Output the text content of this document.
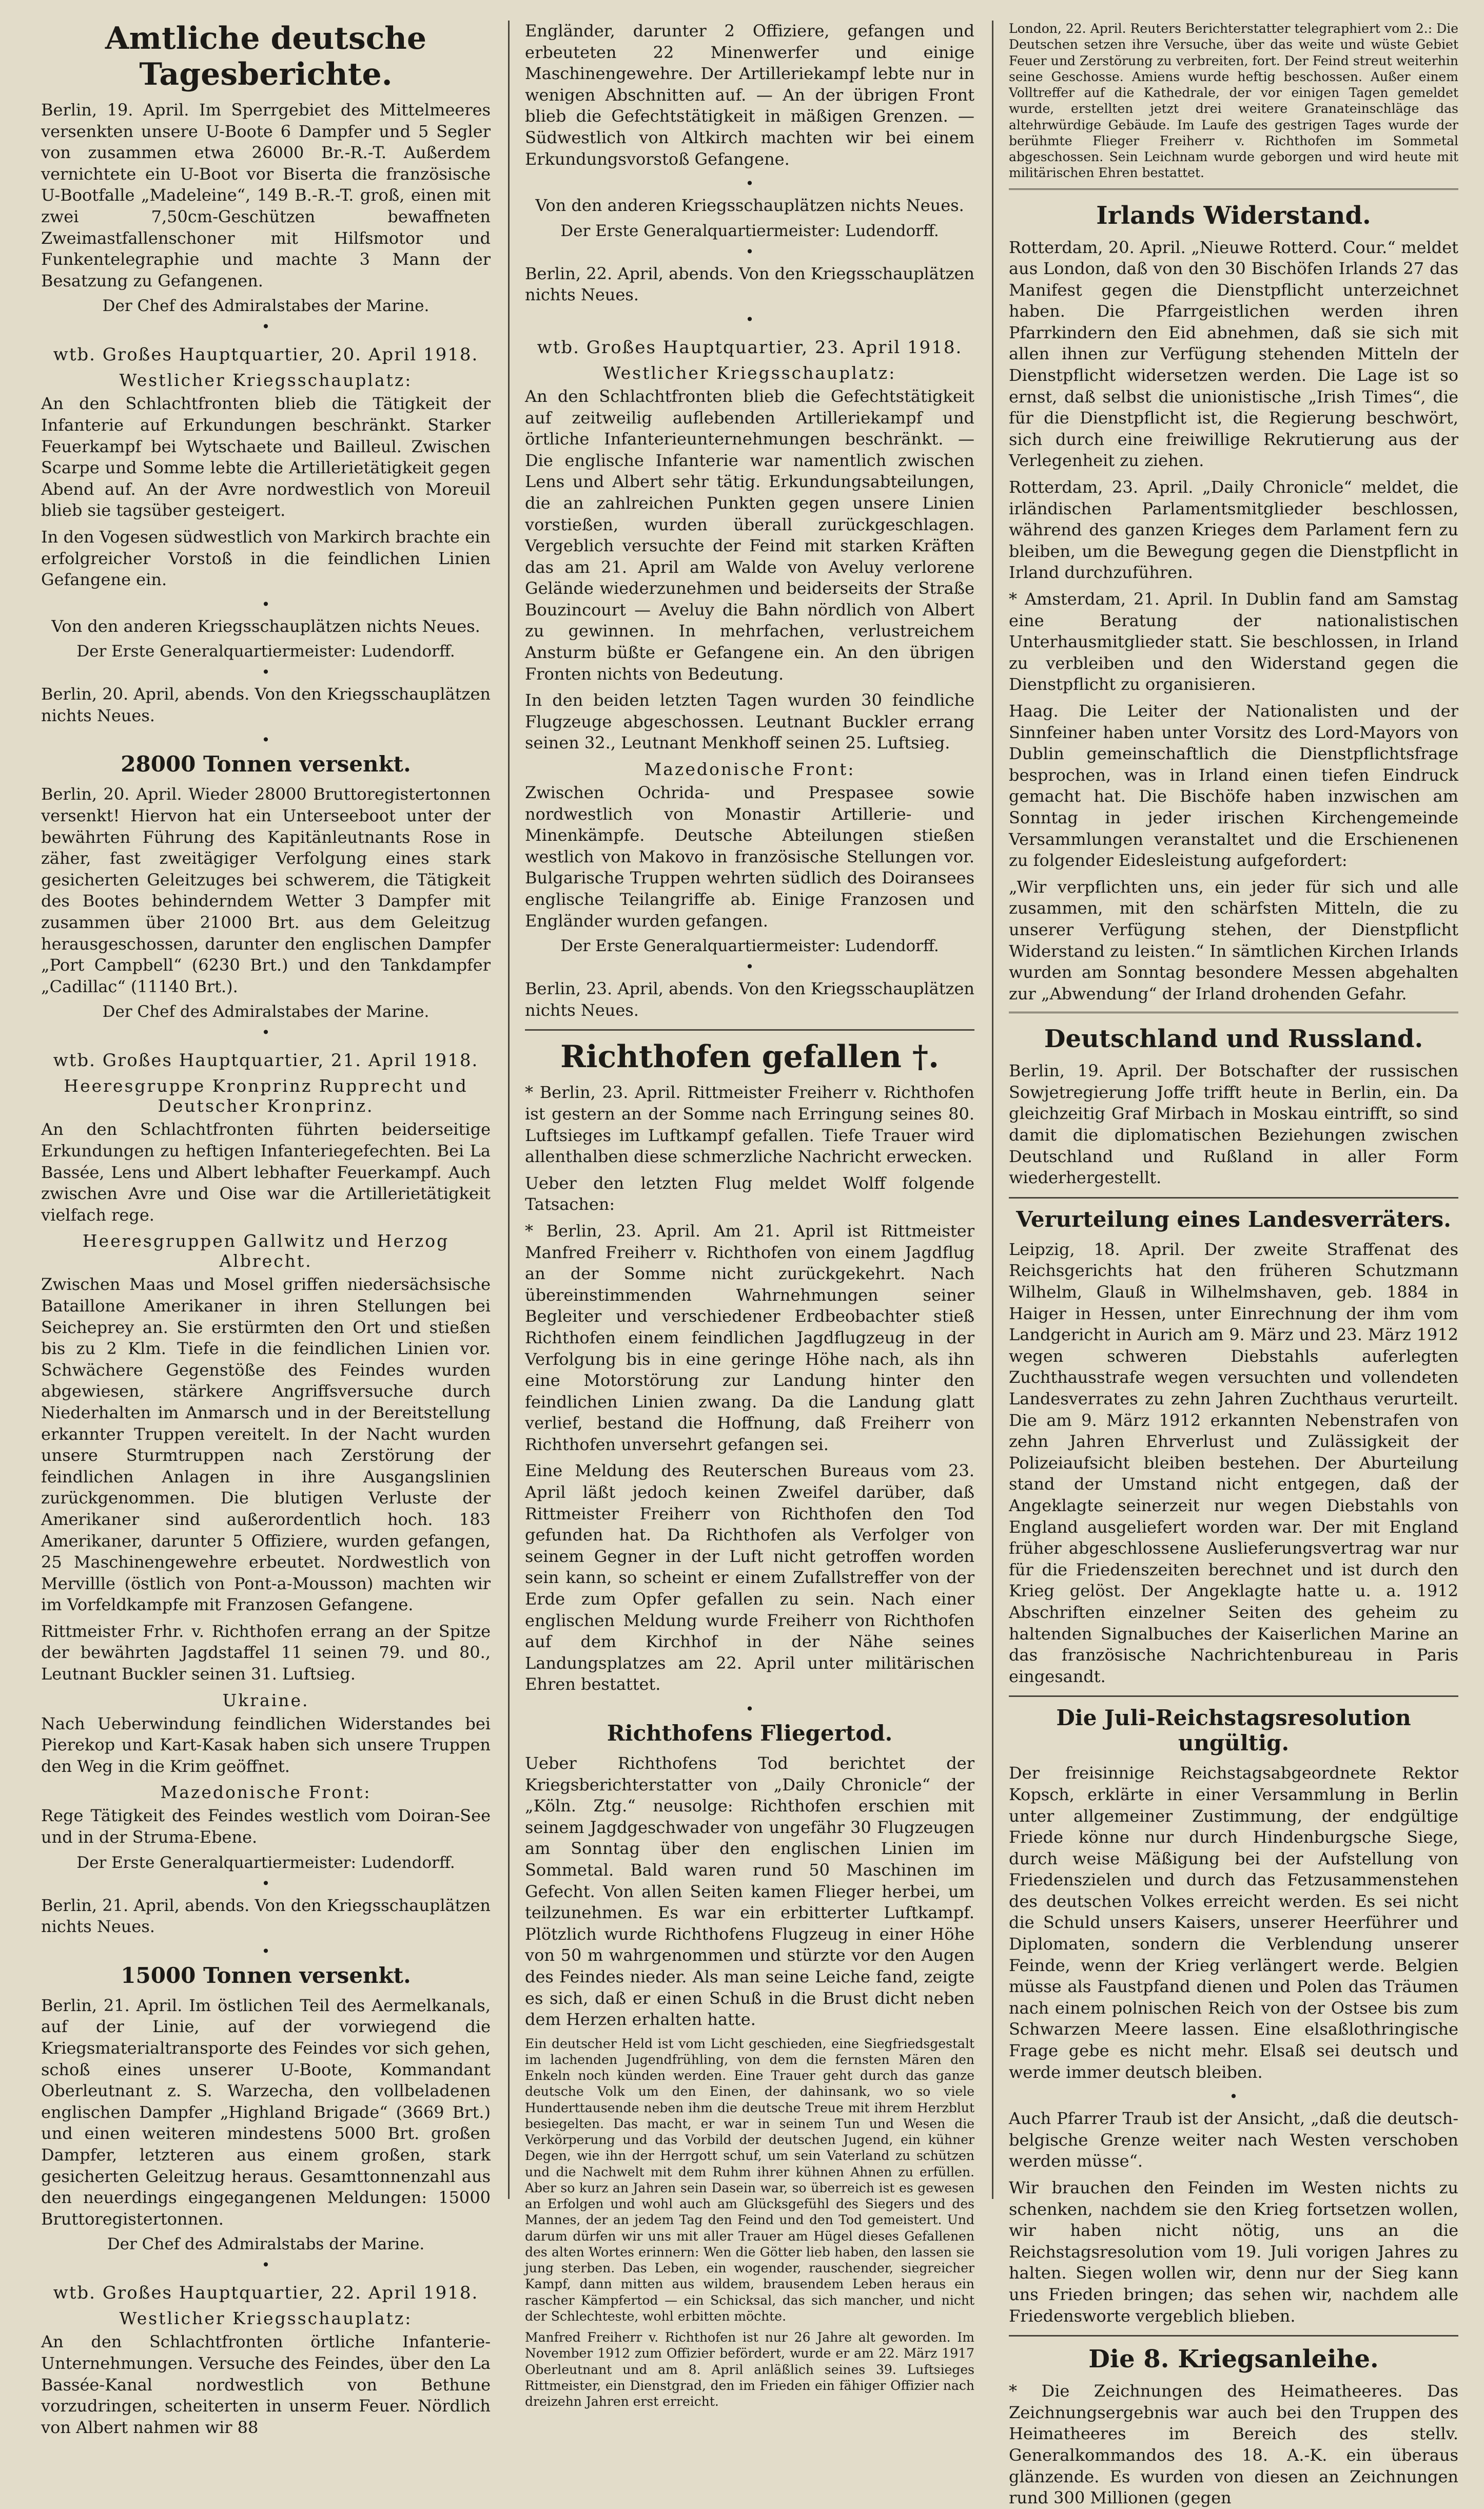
Amtliche deutsche Tagesberichte.

Berlin, 19. April. Im Sperrgebiet des Mittelmeeres versenkten unsere U-Boote 6 Dampfer und 5 Segler von zusammen etwa 26000 Br.-R.-T. Außerdem vernichtete ein U-Boot vor Biserta die französische U-Bootfalle „Madeleine“, 149 B.-R.-T. groß, einen mit zwei 7,50cm-Geschützen bewaffneten Zweimastfallenschoner mit Hilfsmotor und Funkentelegraphie und machte 3 Mann der Besatzung zu Gefangenen.

Der Chef des Admiralstabes der Marine.
•
wtb. Großes Hauptquartier, 20. April 1918.
Westlicher Kriegsschauplatz:

An den Schlachtfronten blieb die Tätigkeit der Infanterie auf Erkundungen beschränkt. Starker Feuerkampf bei Wytschaete und Bailleul. Zwischen Scarpe und Somme lebte die Artillerietätigkeit gegen Abend auf. An der Avre nordwestlich von Moreuil blieb sie tagsüber gesteigert.

In den Vogesen südwestlich von Markirch brachte ein erfolgreicher Vorstoß in die feindlichen Linien Gefangene ein.

•

Von den anderen Kriegsschauplätzen nichts Neues.

Der Erste Generalquartiermeister: Ludendorff.
•

Berlin, 20. April, abends. Von den Kriegsschauplätzen nichts Neues.

•
28000 Tonnen versenkt.

Berlin, 20. April. Wieder 28000 Bruttoregistertonnen versenkt! Hiervon hat ein Unterseeboot unter der bewährten Führung des Kapitänleutnants Rose in zäher, fast zweitägiger Verfolgung eines stark gesicherten Geleitzuges bei schwerem, die Tätigkeit des Bootes behinderndem Wetter 3 Dampfer mit zusammen über 21000 Brt. aus dem Geleitzug herausgeschossen, darunter den englischen Dampfer „Port Campbell“ (6230 Brt.) und den Tankdampfer „Cadillac“ (11140 Brt.).

Der Chef des Admiralstabes der Marine.
•
wtb. Großes Hauptquartier, 21. April 1918.
Heeresgruppe Kronprinz Rupprecht und Deutscher Kronprinz.

An den Schlachtfronten führten beiderseitige Erkundungen zu heftigen Infanteriegefechten. Bei La Bassée, Lens und Albert lebhafter Feuerkampf. Auch zwischen Avre und Oise war die Artillerietätigkeit vielfach rege.

Heeresgruppen Gallwitz und Herzog Albrecht.

Zwischen Maas und Mosel griffen niedersächsische Bataillone Amerikaner in ihren Stellungen bei Seicheprey an. Sie erstürmten den Ort und stießen bis zu 2 Klm. Tiefe in die feindlichen Linien vor. Schwächere Gegenstöße des Feindes wurden abgewiesen, stärkere Angriffsversuche durch Niederhalten im Anmarsch und in der Bereitstellung erkannter Truppen vereitelt. In der Nacht wurden unsere Sturmtruppen nach Zerstörung der feindlichen Anlagen in ihre Ausgangslinien zurückgenommen. Die blutigen Verluste der Amerikaner sind außerordentlich hoch. 183 Amerikaner, darunter 5 Offiziere, wurden gefangen, 25 Maschinengewehre erbeutet. Nordwestlich von Mervillle (östlich von Pont-a-Mousson) machten wir im Vorfeldkampfe mit Franzosen Gefangene.

Rittmeister Frhr. v. Richthofen errang an der Spitze der bewährten Jagdstaffel 11 seinen 79. und 80., Leutnant Buckler seinen 31. Luftsieg.

Ukraine.

Nach Ueberwindung feindlichen Widerstandes bei Pierekop und Kart-Kasak haben sich unsere Truppen den Weg in die Krim geöffnet.

Mazedonische Front:

Rege Tätigkeit des Feindes westlich vom Doiran-See und in der Struma-Ebene.

Der Erste Generalquartiermeister: Ludendorff.
•

Berlin, 21. April, abends. Von den Kriegsschauplätzen nichts Neues.

•
15000 Tonnen versenkt.

Berlin, 21. April. Im östlichen Teil des Aermelkanals, auf der Linie, auf der vorwiegend die Kriegsmaterialtransporte des Feindes vor sich gehen, schoß eines unserer U-Boote, Kommandant Oberleutnant z. S. Warzecha, den vollbeladenen englischen Dampfer „Highland Brigade“ (3669 Brt.) und einen weiteren mindestens 5000 Brt. großen Dampfer, letzteren aus einem großen, stark gesicherten Geleitzug heraus. Gesamttonnenzahl aus den neuerdings eingegangenen Meldungen: 15000 Bruttoregistertonnen.

Der Chef des Admiralstabs der Marine.
•
wtb. Großes Hauptquartier, 22. April 1918.
Westlicher Kriegsschauplatz:

An den Schlachtfronten örtliche Infanterie-Unternehmungen. Versuche des Feindes, über den La Bassée-Kanal nordwestlich von Bethune vorzudringen, scheiterten in unserm Feuer. Nördlich von Albert nahmen wir 88

Engländer, darunter 2 Offiziere, gefangen und erbeuteten 22 Minenwerfer und einige Maschinengewehre. Der Artilleriekampf lebte nur in wenigen Abschnitten auf. — An der übrigen Front blieb die Gefechtstätigkeit in mäßigen Grenzen. — Südwestlich von Altkirch machten wir bei einem Erkundungsvorstoß Gefangene.

•

Von den anderen Kriegsschauplätzen nichts Neues.

Der Erste Generalquartiermeister: Ludendorff.
•

Berlin, 22. April, abends. Von den Kriegsschauplätzen nichts Neues.

•
wtb. Großes Hauptquartier, 23. April 1918.
Westlicher Kriegsschauplatz:

An den Schlachtfronten blieb die Gefechtstätigkeit auf zeitweilig auflebenden Artilleriekampf und örtliche Infanterieunternehmungen beschränkt. — Die englische Infanterie war namentlich zwischen Lens und Albert sehr tätig. Erkundungsabteilungen, die an zahlreichen Punkten gegen unsere Linien vorstießen, wurden überall zurückgeschlagen. Vergeblich versuchte der Feind mit starken Kräften das am 21. April am Walde von Aveluy verlorene Gelände wiederzunehmen und beiderseits der Straße Bouzincourt — Aveluy die Bahn nördlich von Albert zu gewinnen. In mehrfachen, verlustreichem Ansturm büßte er Gefangene ein. An den übrigen Fronten nichts von Bedeutung.

In den beiden letzten Tagen wurden 30 feindliche Flugzeuge abgeschossen. Leutnant Buckler errang seinen 32., Leutnant Menkhoff seinen 25. Luftsieg.

Mazedonische Front:

Zwischen Ochrida- und Prespasee sowie nordwestlich von Monastir Artillerie- und Minenkämpfe. Deutsche Abteilungen stießen westlich von Makovo in französische Stellungen vor. Bulgarische Truppen wehrten südlich des Doiransees englische Teilangriffe ab. Einige Franzosen und Engländer wurden gefangen.

Der Erste Generalquartiermeister: Ludendorff.
•

Berlin, 23. April, abends. Von den Kriegsschauplätzen nichts Neues.

Richthofen gefallen †.

* Berlin, 23. April. Rittmeister Freiherr v. Richthofen ist gestern an der Somme nach Erringung seines 80. Luftsieges im Luftkampf gefallen. Tiefe Trauer wird allenthalben diese schmerzliche Nachricht erwecken.

Ueber den letzten Flug meldet Wolff folgende Tatsachen:

* Berlin, 23. April. Am 21. April ist Rittmeister Manfred Freiherr v. Richthofen von einem Jagdflug an der Somme nicht zurückgekehrt. Nach übereinstimmenden Wahrnehmungen seiner Begleiter und verschiedener Erdbeobachter stieß Richthofen einem feindlichen Jagdflugzeug in der Verfolgung bis in eine geringe Höhe nach, als ihn eine Motorstörung zur Landung hinter den feindlichen Linien zwang. Da die Landung glatt verlief, bestand die Hoffnung, daß Freiherr von Richthofen unversehrt gefangen sei.

Eine Meldung des Reuterschen Bureaus vom 23. April läßt jedoch keinen Zweifel darüber, daß Rittmeister Freiherr von Richthofen den Tod gefunden hat. Da Richthofen als Verfolger von seinem Gegner in der Luft nicht getroffen worden sein kann, so scheint er einem Zufallstreffer von der Erde zum Opfer gefallen zu sein. Nach einer englischen Meldung wurde Freiherr von Richthofen auf dem Kirchhof in der Nähe seines Landungsplatzes am 22. April unter militärischen Ehren bestattet.

•
Richthofens Fliegertod.

Ueber Richthofens Tod berichtet der Kriegsberichterstatter von „Daily Chronicle“ der „Köln. Ztg.“ neusolge: Richthofen erschien mit seinem Jagdgeschwader von ungefähr 30 Flugzeugen am Sonntag über den englischen Linien im Sommetal. Bald waren rund 50 Maschinen im Gefecht. Von allen Seiten kamen Flieger herbei, um teilzunehmen. Es war ein erbitterter Luftkampf. Plötzlich wurde Richthofens Flugzeug in einer Höhe von 50 m wahrgenommen und stürzte vor den Augen des Feindes nieder. Als man seine Leiche fand, zeigte es sich, daß er einen Schuß in die Brust dicht neben dem Herzen erhalten hatte.

Ein deutscher Held ist vom Licht geschieden, eine Siegfriedsgestalt im lachenden Jugendfrühling, von dem die fernsten Mären den Enkeln noch künden werden. Eine Trauer geht durch das ganze deutsche Volk um den Einen, der dahinsank, wo so viele Hunderttausende neben ihm die deutsche Treue mit ihrem Herzblut besiegelten. Das macht, er war in seinem Tun und Wesen die Verkörperung und das Vorbild der deutschen Jugend, ein kühner Degen, wie ihn der Herrgott schuf, um sein Vaterland zu schützen und die Nachwelt mit dem Ruhm ihrer kühnen Ahnen zu erfüllen. Aber so kurz an Jahren sein Dasein war, so überreich ist es gewesen an Erfolgen und wohl auch am Glücksgefühl des Siegers und des Mannes, der an jedem Tag den Feind und den Tod gemeistert. Und darum dürfen wir uns mit aller Trauer am Hügel dieses Gefallenen des alten Wortes erinnern: Wen die Götter lieb haben, den lassen sie jung sterben. Das Leben, ein wogender, rauschender, siegreicher Kampf, dann mitten aus wildem, brausendem Leben heraus ein rascher Kämpfertod — ein Schicksal, das sich mancher, und nicht der Schlechteste, wohl erbitten möchte.

Manfred Freiherr v. Richthofen ist nur 26 Jahre alt geworden. Im November 1912 zum Offizier befördert, wurde er am 22. März 1917 Oberleutnant und am 8. April anläßlich seines 39. Luftsieges Rittmeister, ein Dienstgrad, den im Frieden ein fähiger Offizier nach dreizehn Jahren erst erreicht.

London, 22. April. Reuters Berichterstatter telegraphiert vom 2.: Die Deutschen setzen ihre Versuche, über das weite und wüste Gebiet Feuer und Zerstörung zu verbreiten, fort. Der Feind streut weiterhin seine Geschosse. Amiens wurde heftig beschossen. Außer einem Volltreffer auf die Kathedrale, der vor einigen Tagen gemeldet wurde, erstellten jetzt drei weitere Granateinschläge das altehrwürdige Gebäude. Im Laufe des gestrigen Tages wurde der berühmte Flieger Freiherr v. Richthofen im Sommetal abgeschossen. Sein Leichnam wurde geborgen und wird heute mit militärischen Ehren bestattet.

Irlands Widerstand.

Rotterdam, 20. April. „Nieuwe Rotterd. Cour.“ meldet aus London, daß von den 30 Bischöfen Irlands 27 das Manifest gegen die Dienstpflicht unterzeichnet haben. Die Pfarrgeistlichen werden ihren Pfarrkindern den Eid abnehmen, daß sie sich mit allen ihnen zur Verfügung stehenden Mitteln der Dienstpflicht widersetzen werden. Die Lage ist so ernst, daß selbst die unionistische „Irish Times“, die für die Dienstpflicht ist, die Regierung beschwört, sich durch eine freiwillige Rekrutierung aus der Verlegenheit zu ziehen.

Rotterdam, 23. April. „Daily Chronicle“ meldet, die irländischen Parlamentsmitglieder beschlossen, während des ganzen Krieges dem Parlament fern zu bleiben, um die Bewegung gegen die Dienstpflicht in Irland durchzuführen.

* Amsterdam, 21. April. In Dublin fand am Samstag eine Beratung der nationalistischen Unterhausmitglieder statt. Sie beschlossen, in Irland zu verbleiben und den Widerstand gegen die Dienstpflicht zu organisieren.

Haag. Die Leiter der Nationalisten und der Sinnfeiner haben unter Vorsitz des Lord-Mayors von Dublin gemeinschaftlich die Dienstpflichtsfrage besprochen, was in Irland einen tiefen Eindruck gemacht hat. Die Bischöfe haben inzwischen am Sonntag in jeder irischen Kirchengemeinde Versammlungen veranstaltet und die Erschienenen zu folgender Eidesleistung aufgefordert:

„Wir verpflichten uns, ein jeder für sich und alle zusammen, mit den schärfsten Mitteln, die zu unserer Verfügung stehen, der Dienstpflicht Widerstand zu leisten.“ In sämtlichen Kirchen Irlands wurden am Sonntag besondere Messen abgehalten zur „Abwendung“ der Irland drohenden Gefahr.

Deutschland und Russland.

Berlin, 19. April. Der Botschafter der russischen Sowjetregierung Joffe trifft heute in Berlin, ein. Da gleichzeitig Graf Mirbach in Moskau eintrifft, so sind damit die diplomatischen Beziehungen zwischen Deutschland und Rußland in aller Form wiederhergestellt.

Verurteilung eines Landesverräters.

Leipzig, 18. April. Der zweite Straffenat des Reichsgerichts hat den früheren Schutzmann Wilhelm, Glauß in Wilhelmshaven, geb. 1884 in Haiger in Hessen, unter Einrechnung der ihm vom Landgericht in Aurich am 9. März und 23. März 1912 wegen schweren Diebstahls auferlegten Zuchthausstrafe wegen versuchten und vollendeten Landesverrates zu zehn Jahren Zuchthaus verurteilt. Die am 9. März 1912 erkannten Nebenstrafen von zehn Jahren Ehrverlust und Zulässigkeit der Polizeiaufsicht bleiben bestehen. Der Aburteilung stand der Umstand nicht entgegen, daß der Angeklagte seinerzeit nur wegen Diebstahls von England ausgeliefert worden war. Der mit England früher abgeschlossene Auslieferungsvertrag war nur für die Friedenszeiten berechnet und ist durch den Krieg gelöst. Der Angeklagte hatte u. a. 1912 Abschriften einzelner Seiten des geheim zu haltenden Signalbuches der Kaiserlichen Marine an das französische Nachrichtenbureau in Paris eingesandt.

Die Juli-Reichstagsresolution ungültig.

Der freisinnige Reichstagsabgeordnete Rektor Kopsch, erklärte in einer Versammlung in Berlin unter allgemeiner Zustimmung, der endgültige Friede könne nur durch Hindenburgsche Siege, durch weise Mäßigung bei der Aufstellung von Friedenszielen und durch das Fetzusammenstehen des deutschen Volkes erreicht werden. Es sei nicht die Schuld unsers Kaisers, unserer Heerführer und Diplomaten, sondern die Verblendung unserer Feinde, wenn der Krieg verlängert werde. Belgien müsse als Faustpfand dienen und Polen das Träumen nach einem polnischen Reich von der Ostsee bis zum Schwarzen Meere lassen. Eine elsaßlothringische Frage gebe es nicht mehr. Elsaß sei deutsch und werde immer deutsch bleiben.

•

Auch Pfarrer Traub ist der Ansicht, „daß die deutsch-belgische Grenze weiter nach Westen verschoben werden müsse“.

Wir brauchen den Feinden im Westen nichts zu schenken, nachdem sie den Krieg fortsetzen wollen, wir haben nicht nötig, uns an die Reichstagsresolution vom 19. Juli vorigen Jahres zu halten. Siegen wollen wir, denn nur der Sieg kann uns Frieden bringen; das sehen wir, nachdem alle Friedensworte vergeblich blieben.

Die 8. Kriegsanleihe.

* Die Zeichnungen des Heimatheeres. Das Zeichnungsergebnis war auch bei den Truppen des Heimatheeres im Bereich des stellv. Generalkommandos des 18. A.-K. ein überaus glänzende. Es wurden von diesen an Zeichnungen rund 300 Millionen (gegen
